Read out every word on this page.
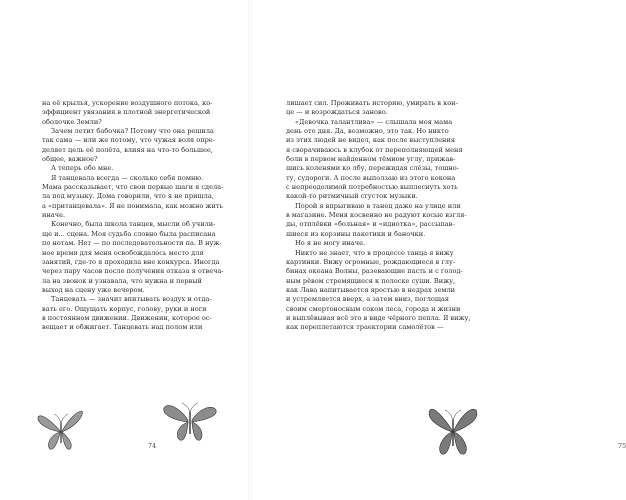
на её крылья, ускорение воздушного потока, ко-
эффициент увязания в плотной энергетической
оболочке Земли?
Зачем летит бабочка? Потому что она решила
так сама — или же потому, что чужая воля опре-
деляет цель её полёта, влияя на что-то большее,
общее, важное?
А теперь обо мне.
Я танцевала всегда — сколько себя помню.
Мама рассказывает, что свои первые шаги я сдела-
ла под музыку. Дома говорили, что я не пришла,
а «пританцевала». Я не понимала, как можно жить
иначе.
Конечно, была школа танцев, мысли об учили-
ще и... сцена. Моя судьба словно была расписана
по нотам. Нет — по последовательности па. В нуж-
ное время для меня освобождалось место для
занятий, где-то я проходила вне конкурса. Иногда
через пару часов после получения отказа я отвеча-
ла на звонок и узнавала, что нужна и первый
выход на сцену уже вечером.
Танцевать — значит впитывать воздух и отда-
вать его. Ощущать корпус, голову, руки и ноги
в постоянном движении. Движении, которое ос-
вещает и обжигает. Танцевать над полом или
74	75
лишает сил. Проживать историю, умирать в кон-
це — и возрождаться заново.
«Девочка талантлива» — слышала моя мама
день ото дня. Да, возможно, это так. Но никто
из этих людей не видел, как после выступления
я сворачиваюсь в клубок от переполняющей меня
боли в первом найденном тёмном углу, прижав-
шись коленями ко лбу, пережидая слёзы, тошно-
ту, судороги. А после выползаю из этого кокона
с непреодолимой потребностью выплеснуть хоть
какой-то ритмичный сгусток музыки.
Порой я впрыгиваю в танец даже на улице или
в магазине. Меня косвенно не радуют косые взгля-
ды, отплёвки «больная» и «идиотка», рассыпав-
шиеся из корзины пакетики и баночки.
Но я не могу иначе.
Никто не знает, что в процессе танца я вижу
картинки. Вижу огромные, рождающиеся в глу-
бинах океана Волны, разевающие пасть и с голод-
ным рёвом стремящиеся к полоске суши. Вижу,
как Лава напитывается яростью в недрах земли
и устремляется вверх, а затем вниз, поглощая
своим смертоносным соком леса, города и жизни
и выплёвывая всё это в виде чёрного пепла. Я вижу,
как переплетаются траектории самолётов —
